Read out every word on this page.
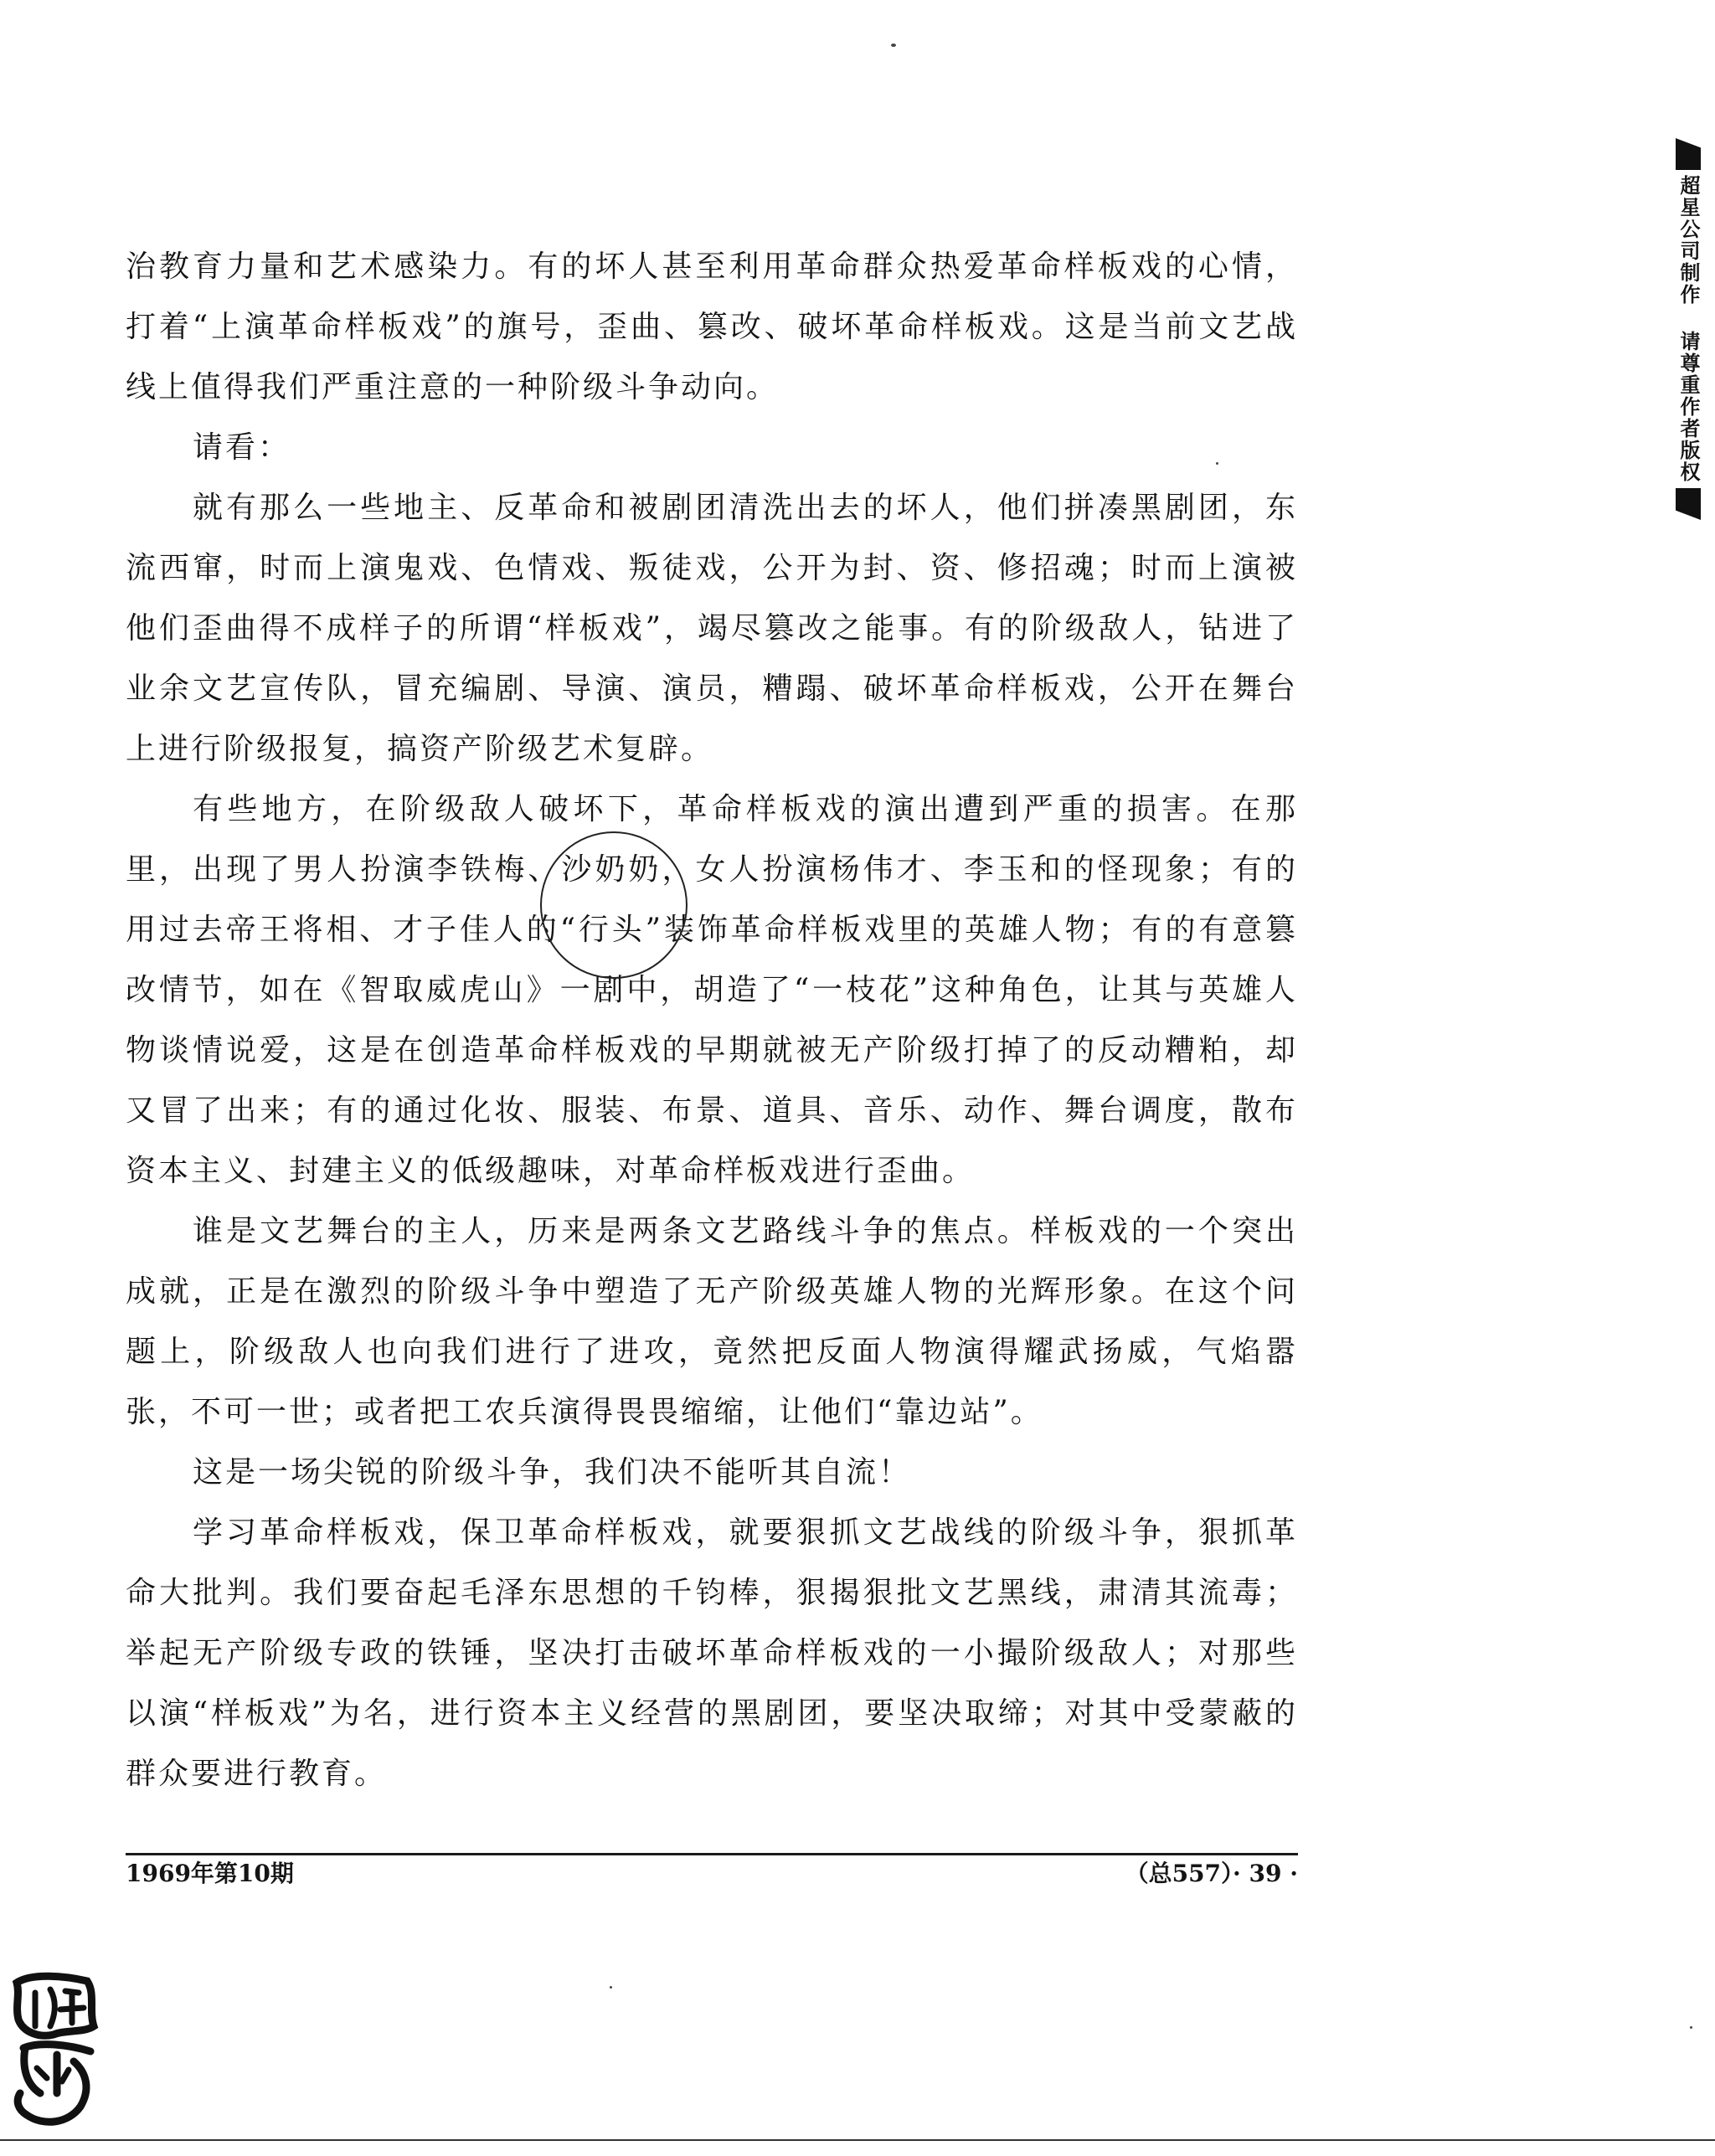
治教育力量和艺术感染力。有的坏人甚至利用革命群众热爱革命样板戏的心情，打着“上演革命样板戏”的旗号，歪曲、篡改、破坏革命样板戏。这是当前文艺战线上值得我们严重注意的一种阶级斗争动向。

请看：

就有那么一些地主、反革命和被剧团清洗出去的坏人，他们拼凑黑剧团，东流西窜，时而上演鬼戏、色情戏、叛徒戏，公开为封、资、修招魂；时而上演被他们歪曲得不成样子的所谓“样板戏”，竭尽篡改之能事。有的阶级敌人，钻进了业余文艺宣传队，冒充编剧、导演、演员，糟蹋、破坏革命样板戏，公开在舞台上进行阶级报复，搞资产阶级艺术复辟。

有些地方，在阶级敌人破坏下，革命样板戏的演出遭到严重的损害。在那里，出现了男人扮演李铁梅、沙奶奶，女人扮演杨伟才、李玉和的怪现象；有的用过去帝王将相、才子佳人的“行头”装饰革命样板戏里的英雄人物；有的有意篡改情节，如在《智取威虎山》一剧中，胡造了“一枝花”这种角色，让其与英雄人物谈情说爱，这是在创造革命样板戏的早期就被无产阶级打掉了的反动糟粕，却又冒了出来；有的通过化妆、服装、布景、道具、音乐、动作、舞台调度，散布资本主义、封建主义的低级趣味，对革命样板戏进行歪曲。

谁是文艺舞台的主人，历来是两条文艺路线斗争的焦点。样板戏的一个突出成就，正是在激烈的阶级斗争中塑造了无产阶级英雄人物的光辉形象。在这个问题上，阶级敌人也向我们进行了进攻，竟然把反面人物演得耀武扬威，气焰嚣张，不可一世；或者把工农兵演得畏畏缩缩，让他们“靠边站”。

这是一场尖锐的阶级斗争，我们决不能听其自流！

学习革命样板戏，保卫革命样板戏，就要狠抓文艺战线的阶级斗争，狠抓革命大批判。我们要奋起毛泽东思想的千钧棒，狠揭狠批文艺黑线，肃清其流毒；举起无产阶级专政的铁锤，坚决打击破坏革命样板戏的一小撮阶级敌人；对那些以演“样板戏”为名，进行资本主义经营的黑剧团，要坚决取缔；对其中受蒙蔽的群众要进行教育。

1969年第10期	（总557）· 39 ·
超星公司制作 请尊重作者版权
